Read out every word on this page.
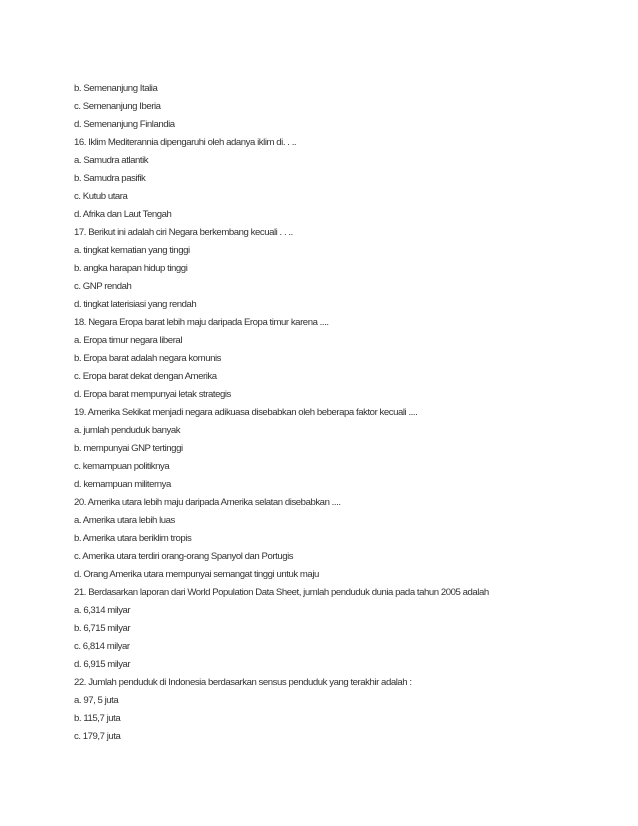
b. Semenanjung Italia
c. Semenanjung Iberia
d. Semenanjung Finlandia
16. Iklim Mediterannia dipengaruhi oleh adanya iklim di. . ..
a. Samudra atlantik
b. Samudra pasifik
c. Kutub utara
d. Afrika dan Laut Tengah
17. Berikut ini adalah ciri Negara berkembang kecuali . . ..
a. tingkat kematian yang tinggi
b. angka harapan hidup tinggi
c. GNP rendah
d. tingkat laterisiasi yang rendah
18. Negara Eropa barat lebih maju daripada Eropa timur karena ....
a. Eropa timur negara liberal
b. Eropa barat adalah negara komunis
c. Eropa barat dekat dengan Amerika
d. Eropa barat mempunyai letak strategis
19. Amerika Sekikat menjadi negara adikuasa disebabkan oleh beberapa faktor kecuali ....
a. jumlah penduduk banyak
b. mempunyai GNP tertinggi
c. kemampuan politiknya
d. kemampuan militernya
20. Amerika utara lebih maju daripada Amerika selatan disebabkan ....
a. Amerika utara lebih luas
b. Amerika utara beriklim tropis
c. Amerika utara terdiri orang-orang Spanyol dan Portugis
d. Orang Amerika utara mempunyai semangat tinggi untuk maju
21. Berdasarkan laporan dari World Population Data Sheet, jumlah penduduk dunia pada tahun 2005 adalah
a. 6,314 milyar
b. 6,715 milyar
c. 6,814 milyar
d. 6,915 milyar
22. Jumlah penduduk di Indonesia berdasarkan sensus penduduk yang terakhir adalah :
a. 97, 5 juta
b. 115,7 juta
c. 179,7 juta
